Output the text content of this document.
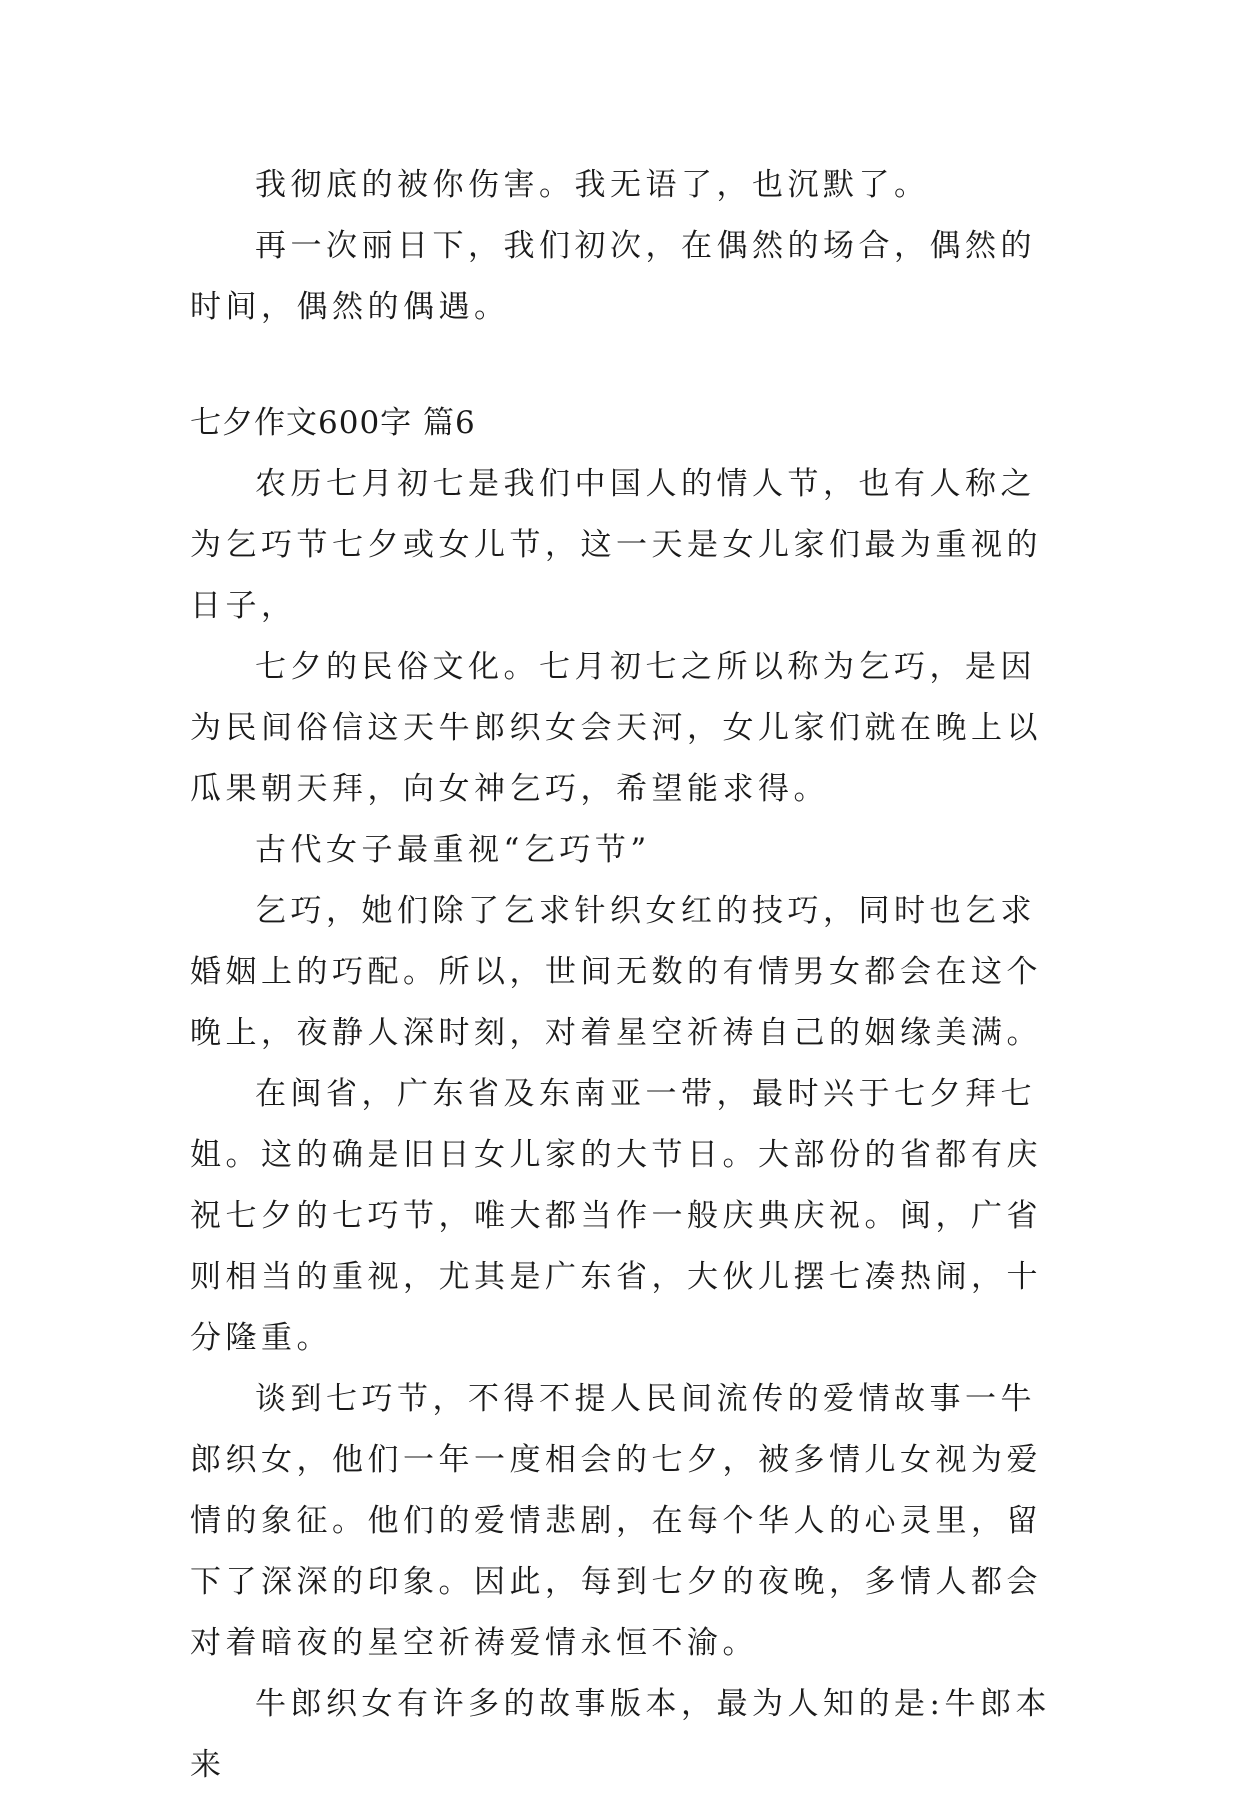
我彻底的被你伤害。我无语了，也沉默了。

再一次丽日下，我们初次，在偶然的场合，偶然的时间，偶然的偶遇。

七夕作文600字 篇6

农历七月初七是我们中国人的情人节，也有人称之为乞巧节七夕或女儿节，这一天是女儿家们最为重视的日子，

七夕的民俗文化。七月初七之所以称为乞巧，是因为民间俗信这天牛郎织女会天河，女儿家们就在晚上以瓜果朝天拜，向女神乞巧，希望能求得。

古代女子最重视“乞巧节”

乞巧，她们除了乞求针织女红的技巧，同时也乞求婚姻上的巧配。所以，世间无数的有情男女都会在这个晚上，夜静人深时刻，对着星空祈祷自己的姻缘美满。

在闽省，广东省及东南亚一带，最时兴于七夕拜七姐。这的确是旧日女儿家的大节日。大部份的省都有庆祝七夕的七巧节，唯大都当作一般庆典庆祝。闽，广省则相当的重视，尤其是广东省，大伙儿摆七凑热闹，十分隆重。

谈到七巧节，不得不提人民间流传的爱情故事一牛郎织女，他们一年一度相会的七夕，被多情儿女视为爱情的象征。他们的爱情悲剧，在每个华人的心灵里，留下了深深的印象。因此，每到七夕的夜晚，多情人都会对着暗夜的星空祈祷爱情永恒不渝。

牛郎织女有许多的故事版本，最为人知的是:牛郎本来
